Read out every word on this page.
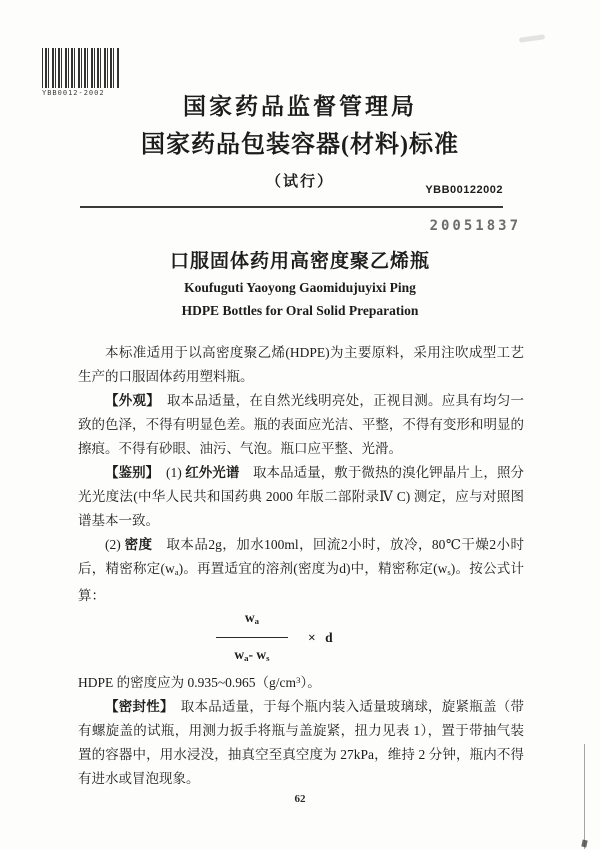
YBB0012-2002
国家药品监督管理局
国家药品包装容器(材料)标准
（试行）	YBB00122002
20051837
口服固体药用高密度聚乙烯瓶
Koufuguti Yaoyong Gaomidujuyixi Ping
HDPE Bottles for Oral Solid Preparation

本标准适用于以高密度聚乙烯(HDPE)为主要原料，采用注吹成型工艺生产的口服固体药用塑料瓶。

【外观】　取本品适量，在自然光线明亮处，正视目测。应具有均匀一致的色泽，不得有明显色差。瓶的表面应光洁、平整，不得有变形和明显的擦痕。不得有砂眼、油污、气泡。瓶口应平整、光滑。

【鉴别】　(1) 红外光谱　取本品适量，敷于微热的溴化钾晶片上，照分光光度法(中华人民共和国药典 2000 年版二部附录Ⅳ C) 测定，应与对照图谱基本一致。

(2) 密度　取本品2g，加水100ml，回流2小时，放冷，80℃干燥2小时后，精密称定$(w_a)$。再置适宜的溶剂(密度为d)中，精密称定$(w_s)$。按公式计算：

$\frac{w_a}{w_a- w_s} \times d$

HDPE 的密度应为 $0.935\sim 0.965(g/cm^3)$。

【密封性】　取本品适量，于每个瓶内装入适量玻璃球，旋紧瓶盖（带有螺旋盖的试瓶，用测力扳手将瓶与盖旋紧，扭力见表 1），置于带抽气装置的容器中，用水浸没，抽真空至真空度为 27kPa，维持 2 分钟，瓶内不得有进水或冒泡现象。

62
